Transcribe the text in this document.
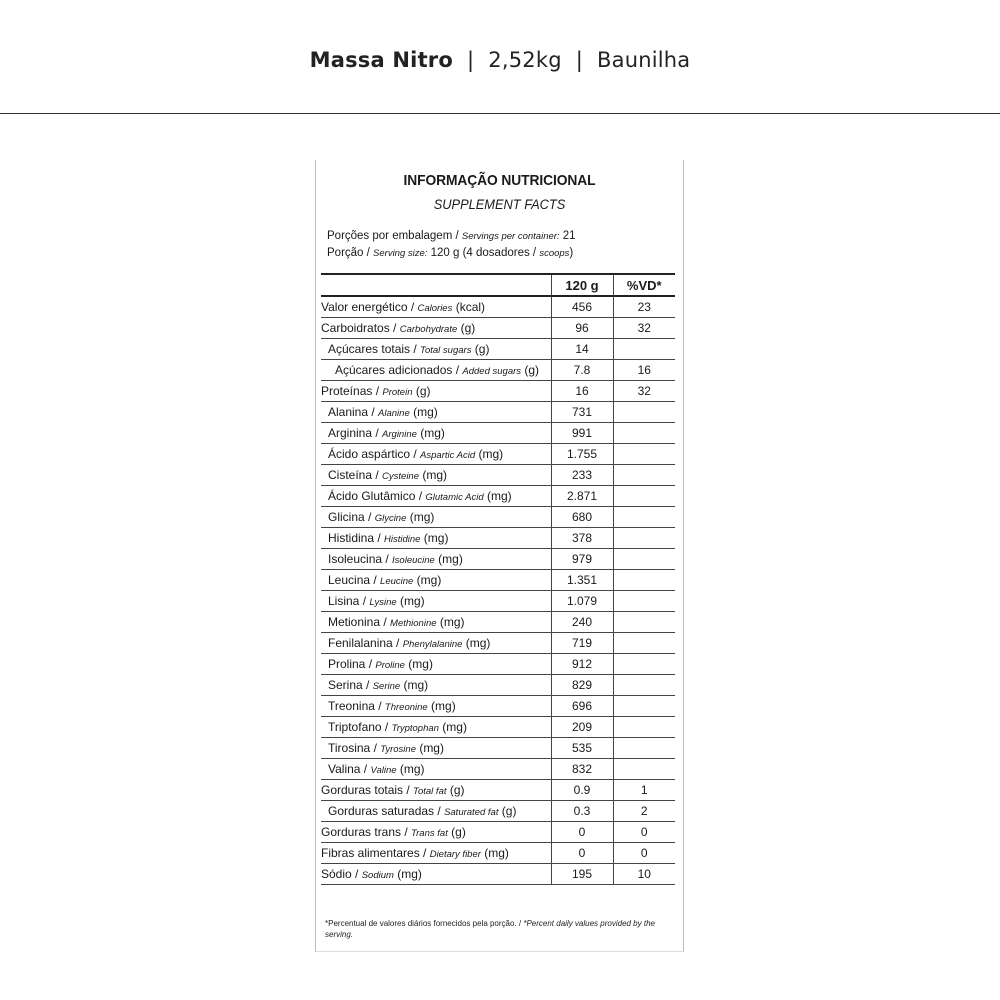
Massa Nitro | 2,52kg | Baunilha
INFORMAÇÃO NUTRICIONAL
SUPPLEMENT FACTS
Porções por embalagem / Servings per container: 21
Porção / Serving size: 120 g (4 dosadores / scoops)
	120 g	%VD*
Valor energético / Calories (kcal)	456	23
Carboidratos / Carbohydrate (g)	96	32
Açúcares totais / Total sugars (g)	14	
Açúcares adicionados / Added sugars (g)	7.8	16
Proteínas / Protein (g)	16	32
Alanina / Alanine (mg)	731	
Arginina / Arginine (mg)	991	
Ácido aspártico / Aspartic Acid (mg)	1.755	
Cisteína / Cysteine (mg)	233	
Ácido Glutâmico / Glutamic Acid (mg)	2.871	
Glicina / Glycine (mg)	680	
Histidina / Histidine (mg)	378	
Isoleucina / Isoleucine (mg)	979	
Leucina / Leucine (mg)	1.351	
Lisina / Lysine (mg)	1.079	
Metionina / Methionine (mg)	240	
Fenilalanina / Phenylalanine (mg)	719	
Prolina / Proline (mg)	912	
Serina / Serine (mg)	829	
Treonina / Threonine (mg)	696	
Triptofano / Tryptophan (mg)	209	
Tirosina / Tyrosine (mg)	535	
Valina / Valine (mg)	832	
Gorduras totais / Total fat (g)	0.9	1
Gorduras saturadas / Saturated fat (g)	0.3	2
Gorduras trans / Trans fat (g)	0	0
Fibras alimentares / Dietary fiber (mg)	0	0
Sódio / Sodium (mg)	195	10
*Percentual de valores diários fornecidos pela porção. / *Percent daily values provided by the serving.
